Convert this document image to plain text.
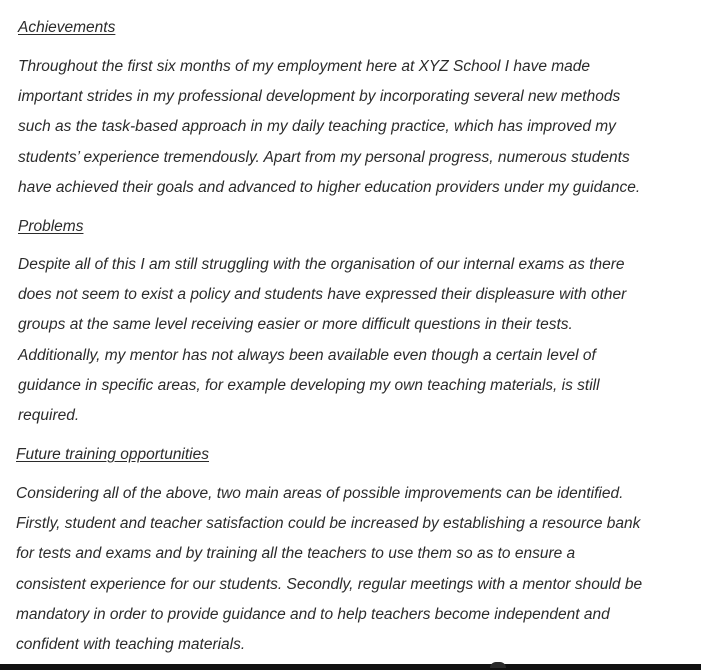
Achievements
Throughout the first six months of my employment here at XYZ School I have made
important strides in my professional development by incorporating several new methods
such as the task-based approach in my daily teaching practice, which has improved my
students’ experience tremendously. Apart from my personal progress, numerous students
have achieved their goals and advanced to higher education providers under my guidance.
Problems
Despite all of this I am still struggling with the organisation of our internal exams as there
does not seem to exist a policy and students have expressed their displeasure with other
groups at the same level receiving easier or more difficult questions in their tests.
Additionally, my mentor has not always been available even though a certain level of
guidance in specific areas, for example developing my own teaching materials, is still
required.
Future training opportunities
Considering all of the above, two main areas of possible improvements can be identified.
Firstly, student and teacher satisfaction could be increased by establishing a resource bank
for tests and exams and by training all the teachers to use them so as to ensure a
consistent experience for our students. Secondly, regular meetings with a mentor should be
mandatory in order to provide guidance and to help teachers become independent and
confident with teaching materials.
